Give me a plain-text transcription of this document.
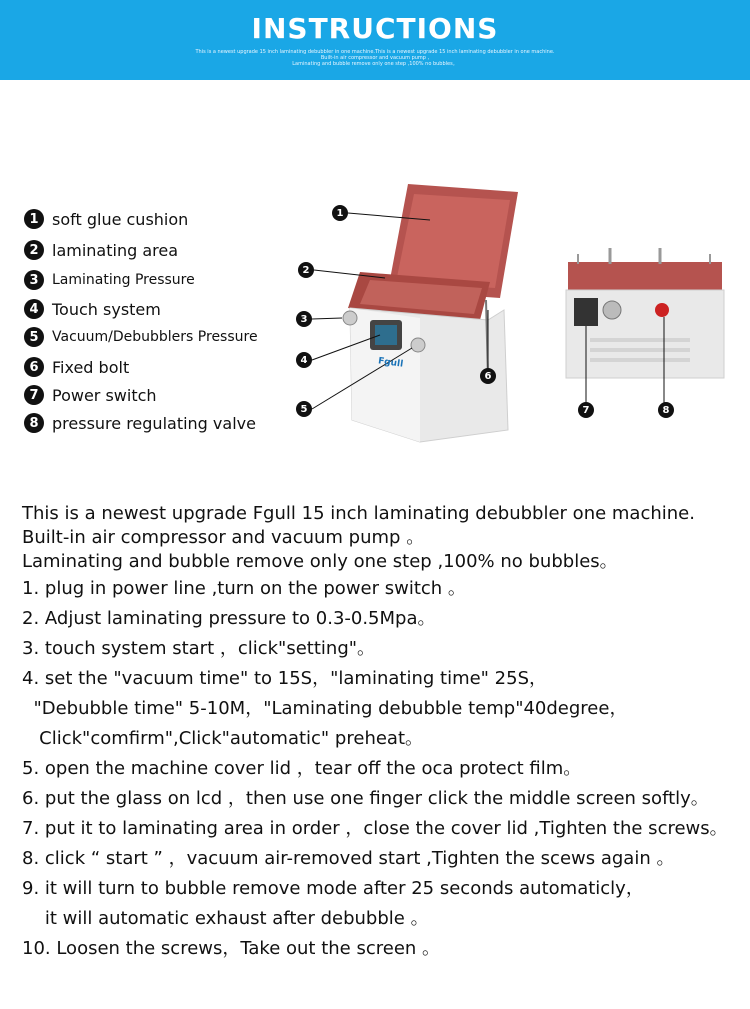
INSTRUCTIONS
This is a newest upgrade 15 inch laminating debubbler in one machine.This is a newest upgrade 15 inch laminating debubbler in one machine.
Built-in air compressor and vacuum pump ,
Laminating and bubble remove only one step ,100% no bubbles。
1 soft glue cushion
2 laminating area
3 Laminating Pressure
4 Touch system
5 Vacuum/Debubblers Pressure
6 Fixed bolt
7 Power switch
8 pressure regulating valve
1
2
3
4
5
6
Fgull
7	8
This is a newest upgrade Fgull 15 inch laminating debubbler one machine.
Built-in air compressor and vacuum pump 。
Laminating and bubble remove only one step ,100% no bubbles。
1. plug in power line ,turn on the power switch 。
2. Adjust laminating pressure to 0.3-0.5Mpa。
3. touch system start ，click"setting"。
4. set the "vacuum time" to 15S，"laminating time" 25S，
"Debubble time" 5-10M，"Laminating debubble temp"40degree，
Click"comfirm",Click"automatic" preheat。
5. open the machine cover lid ，tear off the oca protect film。
6. put the glass on lcd ，then use one finger click the middle screen softly。
7. put it to laminating area in order ，close the cover lid ,Tighten the screws。
8. click “ start ” ，vacuum air-removed start ,Tighten the scews again 。
9. it will turn to bubble remove mode after 25 seconds automaticly，
it will automatic exhaust after debubble 。
10. Loosen the screws，Take out the screen 。
